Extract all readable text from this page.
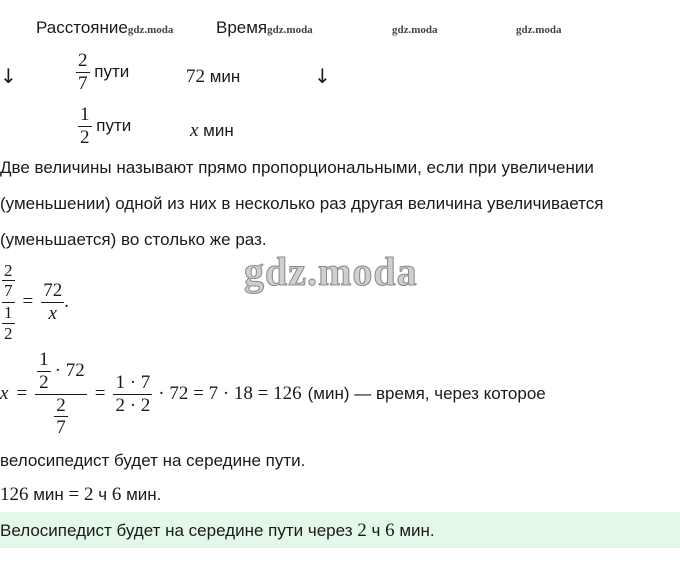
Расстояниеgdz.moda	Времяgdz.moda	gdz.moda	gdz.moda
↓	↓
$\frac{2}{7}$ пути	72 мин
$\frac{1}{2}$ пути	x мин
Две величины называют прямо пропорциональными, если при увеличении
(уменьшении) одной из них в несколько раз другая величина увеличивается
(уменьшается) во столько же раз.
gdz.moda
$\frac{\frac{2}{7}}{\frac{1}{2}} = \frac{72}{x}$ .
$x = \frac{\frac{1}{2} \cdot 72}{\frac{2}{7}} = \frac{1 \cdot 7}{2 \cdot 2} \cdot 72 = 7 \cdot 18 = 126$ (мин) — время, через которое
велосипедист будет на середине пути.
126 мин = 2 ч 6 мин.
Велосипедист будет на середине пути через 2 ч 6 мин.
